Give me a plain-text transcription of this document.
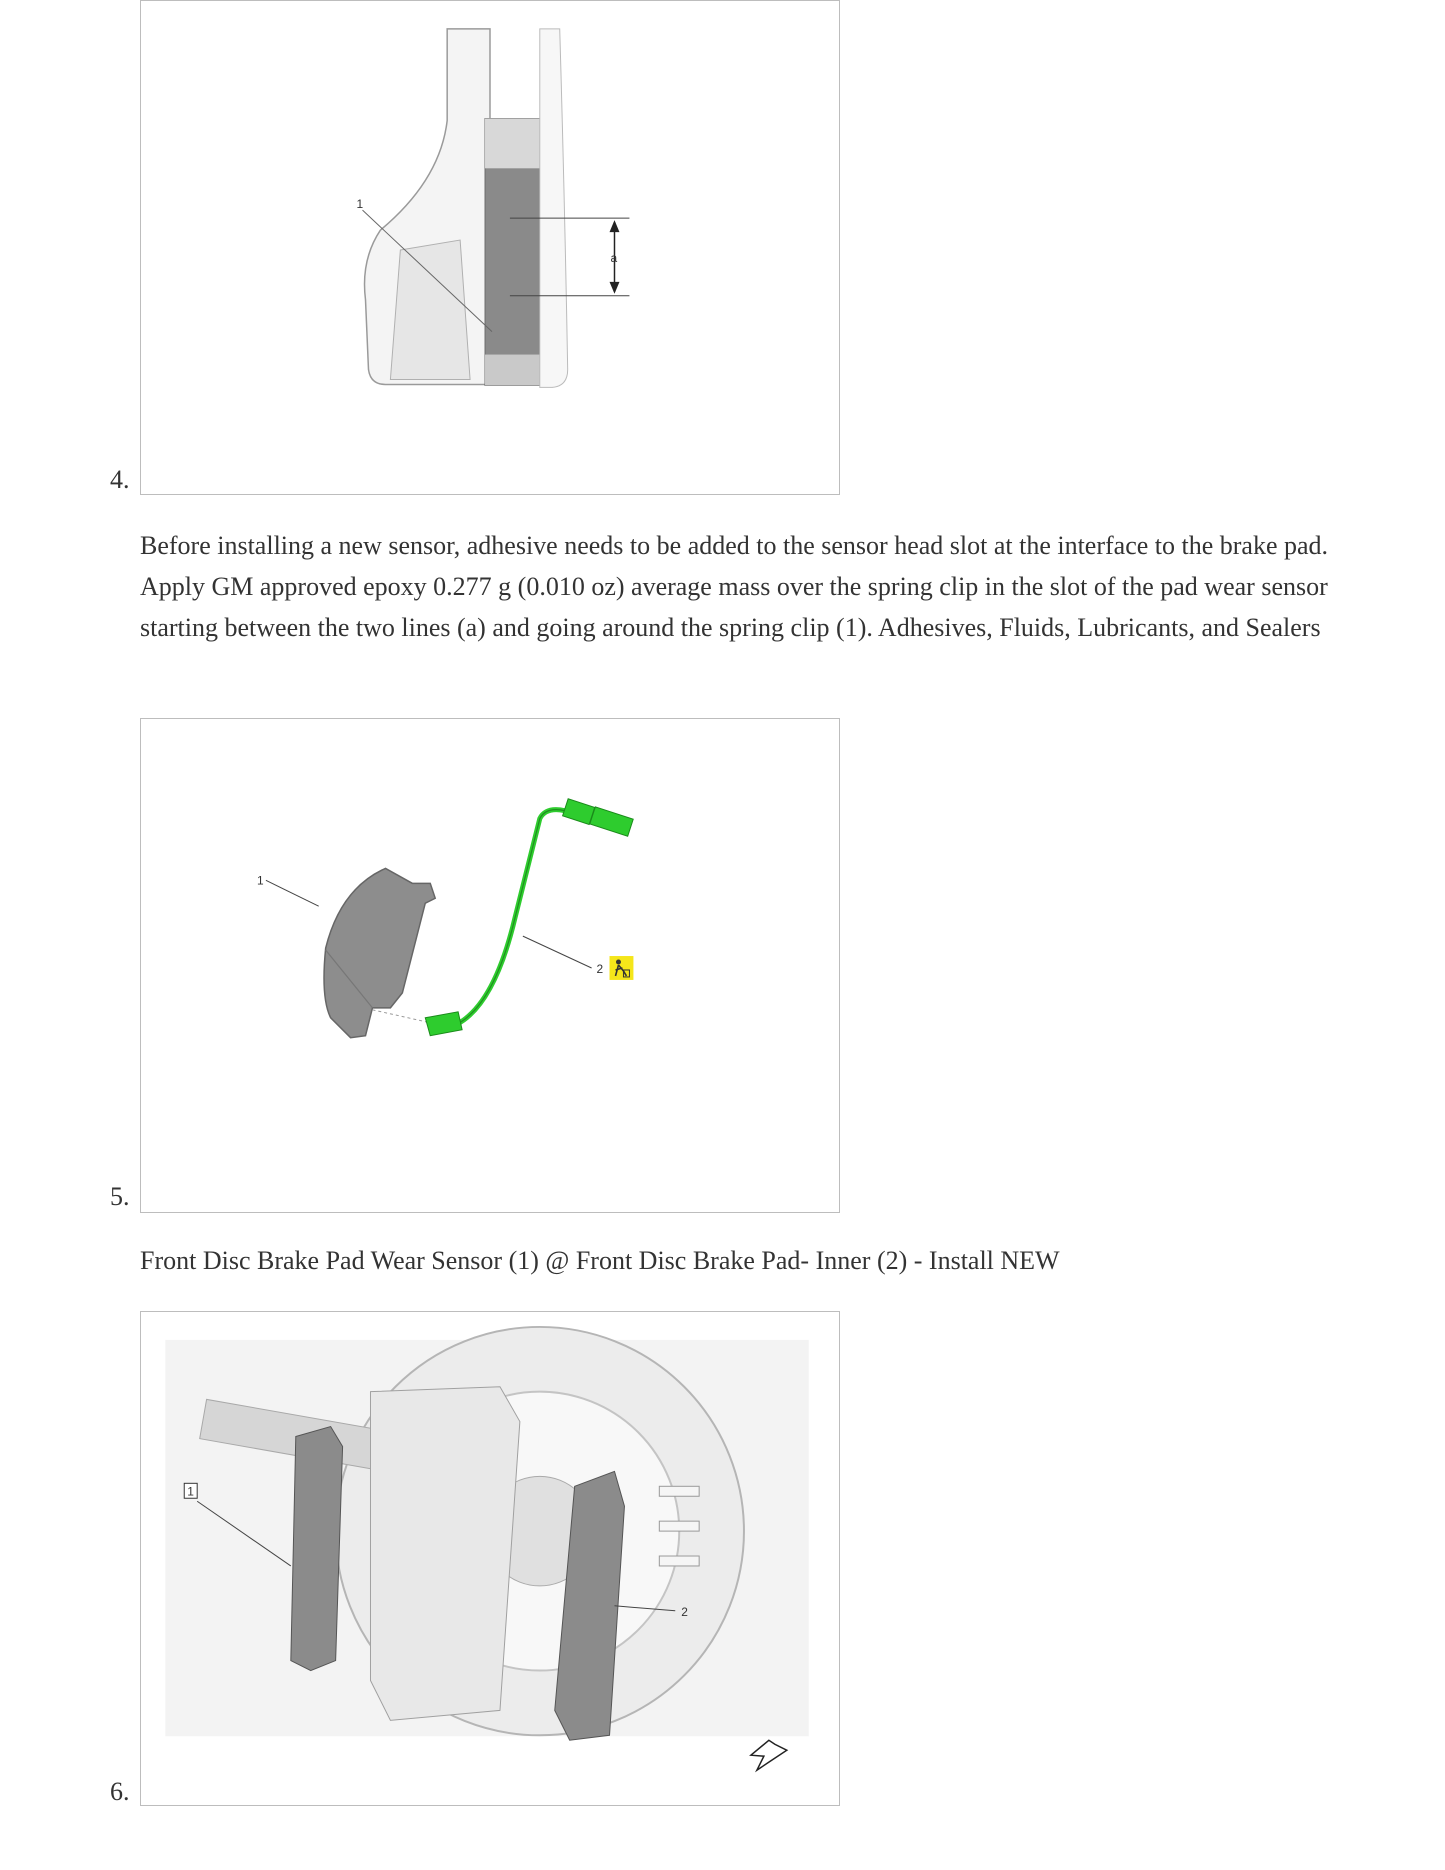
a
1
4.
Before installing a new sensor, adhesive needs to be added to the sensor head slot at the interface to the brake pad. Apply GM approved epoxy 0.277 g (0.010 oz) average mass over the spring clip in the slot of the pad wear sensor starting between the two lines (a) and going around the spring clip (1). Adhesives, Fluids, Lubricants, and Sealers
1
2
5.
Front Disc Brake Pad Wear Sensor (1) @ Front Disc Brake Pad- Inner (2) - Install NEW
1
2
6.
